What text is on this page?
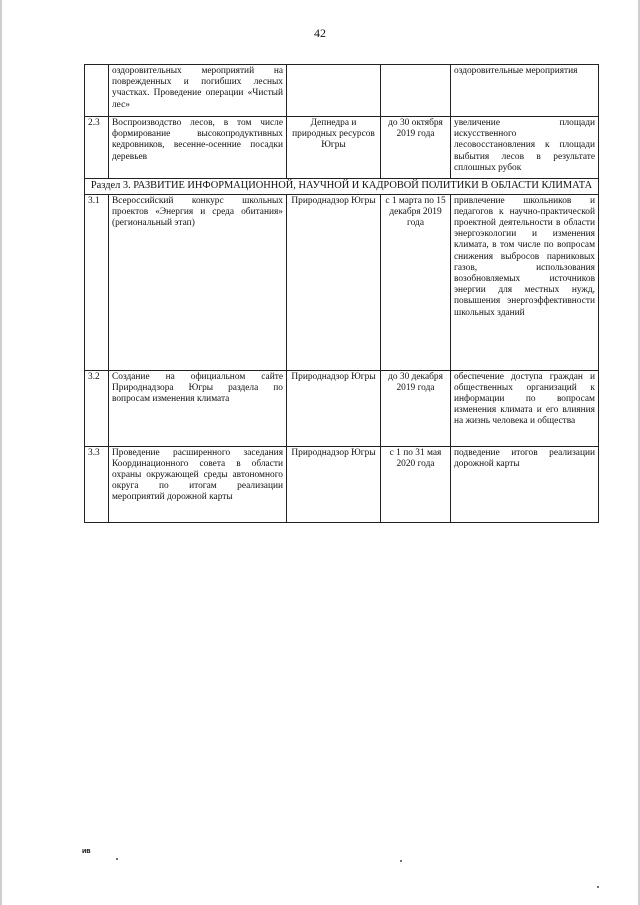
42
	оздоровительных мероприятий на поврежденных и погибших лесных участках. Проведение операции «Чистый лес»			оздоровительные мероприятия
2.3	Воспроизводство лесов, в том числе формирование высокопродуктивных кедровников, весенне-осенние посадки деревьев	Депнедра и природных ресурсов Югры	до 30 октября 2019 года	увеличение площади искусственного лесовосстановления к площади выбытия лесов в результате сплошных рубок
Раздел 3. РАЗВИТИЕ ИНФОРМАЦИОННОЙ, НАУЧНОЙ И КАДРОВОЙ ПОЛИТИКИ В ОБЛАСТИ КЛИМАТА				
3.1	Всероссийский конкурс школьных проектов «Энергия и среда обитания» (региональный этап)	Природнадзор Югры	с 1 марта по 15 декабря 2019 года	привлечение школьников и педагогов к научно-практической проектной деятельности в области энергоэкологии и изменения климата, в том числе по вопросам снижения выбросов парниковых газов, использования возобновляемых источников энергии для местных нужд, повышения энергоэффективности школьных зданий
3.2	Создание на официальном сайте Природнадзора Югры раздела по вопросам изменения климата	Природнадзор Югры	до 30 декабря 2019 года	обеспечение доступа граждан и общественных организаций к информации по вопросам изменения климата и его влияния на жизнь человека и общества
3.3	Проведение расширенного заседания Координационного совета в области охраны окружающей среды автономного округа по итогам реализации мероприятий дорожной карты	Природнадзор Югры	с 1 по 31 мая 2020 года	подведение итогов реализации дорожной карты
ив
